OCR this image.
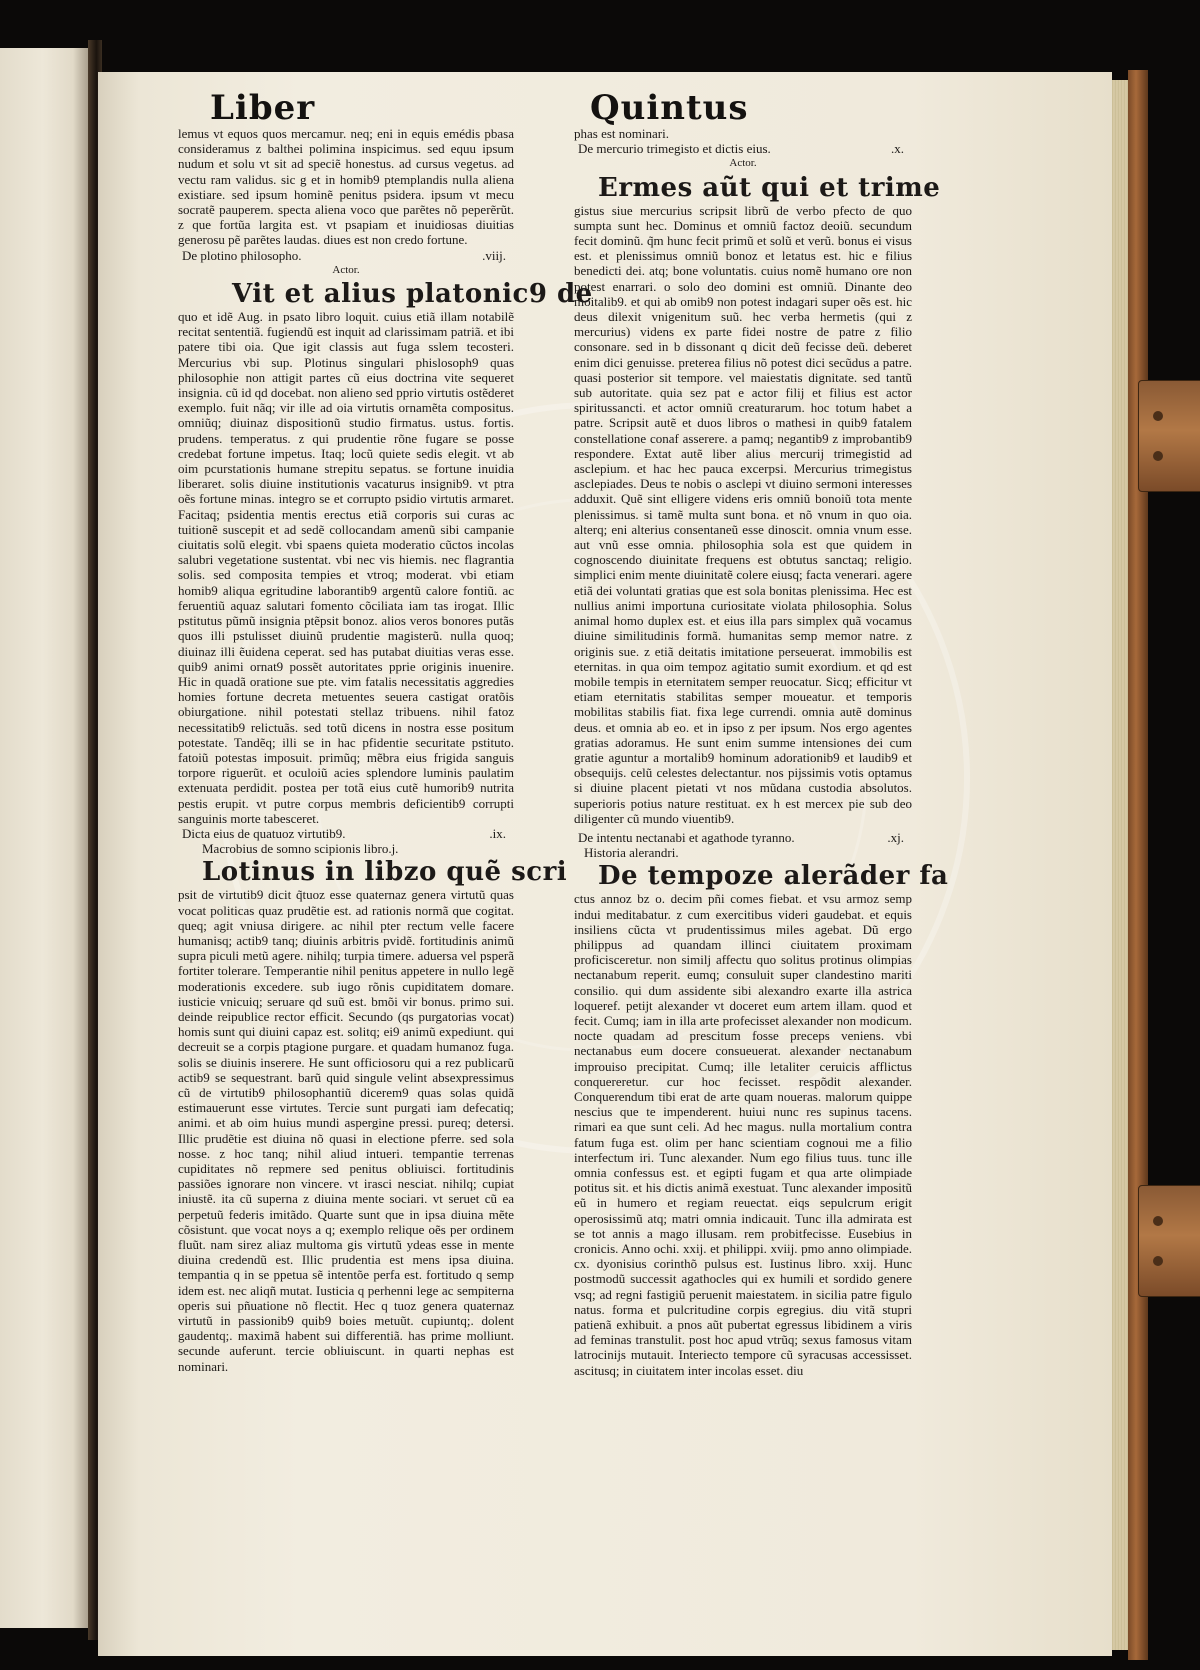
Liber	Quintus

lemus vt equos quos mercamur. neq; eni in equis emédis pbasa consideramus z balthei polimina inspicimus. sed equu ipsum nudum et solu vt sit ad speciẽ honestus. ad cursus vegetus. ad vectu ram validus. sic g et in homib9 ptemplandis nulla aliena existiare. sed ipsum hominẽ penitus psidera. ipsum vt mecu socratẽ pauperem. specta aliena voco que parẽtes nõ peperẽrũt. z que fortũa largita est. vt psapiam et inuidiosas diuitias generosu pẽ parẽtes laudas. diues est non credo fortune.

De plotino philosopho.	.viij.

Actor.

Vit et alius platonic9 de

quo et idẽ Aug. in psato libro loquit. cuius etiã illam notabilẽ recitat sententiã. fugiendũ est inquit ad clarissimam patriã. et ibi patere tibi oia. Que igit classis aut fuga sslem tecosteri. Mercurius vbi sup. Plotinus singulari phislosoph9 quas philosophie non attigit partes cũ eius doctrina vite sequeret insignia. cũ id qd docebat. non alieno sed pprio virtutis ostẽderet exemplo. fuit nãq; vir ille ad oia virtutis ornamẽta compositus. omniũq; diuinaz dispositionũ studio firmatus. ustus. fortis. prudens. temperatus. z qui prudentie rõne fugare se posse credebat fortune impetus. Itaq; locũ quiete sedis elegit. vt ab oim pcurstationis humane strepitu sepatus. se fortune inuidia liberaret. solis diuine institutionis vacaturus insignib9. vt ptra oẽs fortune minas. integro se et corrupto psidio virtutis armaret. Facitaq; psidentia mentis erectus etiã corporis sui curas ac tuitionẽ suscepit et ad sedẽ collocandam amenũ sibi campanie ciuitatis solũ elegit. vbi spaens quieta moderatio cũctos incolas salubri vegetatione sustentat. vbi nec vis hiemis. nec flagrantia solis. sed composita tempies et vtroq; moderat. vbi etiam homib9 aliqua egritudine laborantib9 argentũ calore fontiũ. ac feruentiũ aquaz salutari fomento cõciliata iam tas irogat. Illic pstitutus pũmũ insignia ptẽpsit bonoz. alios veros bonores putãs quos illi pstulisset diuinũ prudentie magisterũ. nulla quoq; diuinaz illi ẽuidena ceperat. sed has putabat diuitias veras esse. quib9 animi ornat9 possẽt autoritates pprie originis inuenire. Hic in quadã oratione sue pte. vim fatalis necessitatis aggredies homies fortune decreta metuentes seuera castigat oratõis obiurgatione. nihil potestati stellaz tribuens. nihil fatoz necessitatib9 relictuãs. sed totũ dicens in nostra esse positum potestate. Tandẽq; illi se in hac pfidentie securitate pstituto. fatoiũ potestas imposuit. primũq; mẽbra eius frigida sanguis torpore riguerũt. et oculoiũ acies splendore luminis paulatim extenuata perdidit. postea per totã eius cutẽ humorib9 nutrita pestis erupit. vt putre corpus membris deficientib9 corrupti sanguinis morte tabesceret.

Dicta eius de quatuoz virtutib9.	.ix.

Macrobius de somno scipionis libro.j.

Lotinus in libzo quẽ scri

psit de virtutib9 dicit q̃tuoz esse quaternaz genera virtutũ quas vocat politicas quaz prudẽtie est. ad rationis normã que cogitat. queq; agit vniusa dirigere. ac nihil pter rectum velle facere humanisq; actib9 tanq; diuinis arbitris pvidẽ. fortitudinis animũ supra piculi metũ agere. nihilq; turpia timere. aduersa vel psperã fortiter tolerare. Temperantie nihil penitus appetere in nullo legẽ moderationis excedere. sub iugo rõnis cupiditatem domare. iusticie vnicuiq; seruare qd suũ est. bmõi vir bonus. primo sui. deinde reipublice rector efficit. Secundo (qs purgatorias vocat) homis sunt qui diuini capaz est. solitq; ei9 animũ expediunt. qui decreuit se a corpis ptagione purgare. et quadam humanoz fuga. solis se diuinis inserere. He sunt officiosoru qui a rez publicarũ actib9 se sequestrant. barũ quid singule velint absexpressimus cũ de virtutib9 philosophantiũ dicerem9 quas solas quidã estimauerunt esse virtutes. Tercie sunt purgati iam defecatiq; animi. et ab oim huius mundi aspergine pressi. pureq; detersi. Illic prudẽtie est diuina nõ quasi in electione pferre. sed sola nosse. z hoc tanq; nihil aliud intueri. tempantie terrenas cupiditates nõ repmere sed penitus obliuisci. fortitudinis passiões ignorare non vincere. vt irasci nesciat. nihilq; cupiat iniustẽ. ita cũ superna z diuina mente sociari. vt seruet cũ ea perpetuũ federis imitãdo. Quarte sunt que in ipsa diuina mẽte cõsistunt. que vocat noys a q; exemplo relique oẽs per ordinem fluũt. nam sirez aliaz multoma gis virtutũ ydeas esse in mente diuina credendũ est. Illic prudentia est mens ipsa diuina. tempantia q in se ppetua sẽ intentõe perfa est. fortitudo q semp idem est. nec aliqñ mutat. Iusticia q perhenni lege ac sempiterna operis sui pñuatione nõ flectit. Hec q tuoz genera quaternaz virtutũ in passionib9 quib9 boies metuũt. cupiuntq;. dolent gaudentq;. maximã habent sui differentiã. has prime molliunt. secunde auferunt. tercie obliuiscunt. in quarti nephas est nominari.

phas est nominari.

De mercurio trimegisto et dictis eius.	.x.

Actor.

Ermes aũt qui et trime

gistus siue mercurius scripsit librũ de verbo pfecto de quo sumpta sunt hec. Dominus et omniũ factoz deoiũ. secundum fecit dominũ. q̃m hunc fecit primũ et solũ et verũ. bonus ei visus est. et plenissimus omniũ bonoz et letatus est. hic e filius benedicti dei. atq; bone voluntatis. cuius nomẽ humano ore non potest enarrari. o solo deo domini est omniũ. Dinante deo moitalib9. et qui ab omib9 non potest indagari super oẽs est. hic deus dilexit vnigenitum suũ. hec verba hermetis (qui z mercurius) videns ex parte fidei nostre de patre z filio consonare. sed in b dissonant q dicit deũ fecisse deũ. deberet enim dici genuisse. preterea filius nõ potest dici secũdus a patre. quasi posterior sit tempore. vel maiestatis dignitate. sed tantũ sub autoritate. quia sez pat e actor filij et filius est actor spiritussancti. et actor omniũ creaturarum. hoc totum habet a patre. Scripsit autẽ et duos libros o mathesi in quib9 fatalem constellatione conaf asserere. a pamq; negantib9 z improbantib9 respondere. Extat autẽ liber alius mercurij trimegistid ad asclepium. et hac hec pauca excerpsi. Mercurius trimegistus asclepiades. Deus te nobis o asclepi vt diuino sermoni interesses adduxit. Quẽ sint elligere videns eris omniũ bonoiũ tota mente plenissimus. si tamẽ multa sunt bona. et nõ vnum in quo oia. alterq; eni alterius consentaneũ esse dinoscit. omnia vnum esse. aut vnũ esse omnia. philosophia sola est que quidem in cognoscendo diuinitate frequens est obtutus sanctaq; religio. simplici enim mente diuinitatẽ colere eiusq; facta venerari. agere etiã dei voluntati gratias que est sola bonitas plenissima. Hec est nullius animi importuna curiositate violata philosophia. Solus animal homo duplex est. et eius illa pars simplex quã vocamus diuine similitudinis formã. humanitas semp memor natre. z originis sue. z etiã deitatis imitatione perseuerat. immobilis est eternitas. in qua oim tempoz agitatio sumit exordium. et qd est mobile tempis in eternitatem semper reuocatur. Sicq; efficitur vt etiam eternitatis stabilitas semper moueatur. et temporis mobilitas stabilis fiat. fixa lege currendi. omnia autẽ dominus deus. et omnia ab eo. et in ipso z per ipsum. Nos ergo agentes gratias adoramus. He sunt enim summe intensiones dei cum gratie aguntur a mortalib9 hominum adorationib9 et laudib9 et obsequijs. celũ celestes delectantur. nos pijssimis votis optamus si diuine placent pietati vt nos mũdana custodia absolutos. superioris potius nature restituat. ex h est mercex pie sub deo diligenter cũ mundo viuentib9.

De intentu nectanabi et agathode tyranno.	.xj.

Historia alerandri.

De tempoze alerãder fa

ctus annoz bz o. decim pñi comes fiebat. et vsu armoz semp indui meditabatur. z cum exercitibus videri gaudebat. et equis insiliens cũcta vt prudentissimus miles agebat. Dũ ergo philippus ad quandam illinci ciuitatem proximam proficisceretur. non similj affectu quo solitus protinus olimpias nectanabum reperit. eumq; consuluit super clandestino mariti consilio. qui dum assidente sibi alexandro exarte illa astrica loqueref. petijt alexander vt doceret eum artem illam. quod et fecit. Cumq; iam in illa arte profecisset alexander non modicum. nocte quadam ad prescitum fosse preceps veniens. vbi nectanabus eum docere consueuerat. alexander nectanabum improuiso precipitat. Cumq; ille letaliter ceruicis afflictus conquereretur. cur hoc fecisset. respõdit alexander. Conquerendum tibi erat de arte quam noueras. malorum quippe nescius que te impenderent. huiui nunc res supinus tacens. rimari ea que sunt celi. Ad hec magus. nulla mortalium contra fatum fuga est. olim per hanc scientiam cognoui me a filio interfectum iri. Tunc alexander. Num ego filius tuus. tunc ille omnia confessus est. et egipti fugam et qua arte olimpiade potitus sit. et his dictis animã exestuat. Tunc alexander impositũ eũ in humero et regiam reuectat. eiqs sepulcrum erigit operosissimũ atq; matri omnia indicauit. Tunc illa admirata est se tot annis a mago illusam. rem probitfecisse. Eusebius in cronicis. Anno ochi. xxij. et philippi. xviij. pmo anno olimpiade. cx. dyonisius corinthõ pulsus est. Iustinus libro. xxij. Hunc postmodũ successit agathocles qui ex humili et sordido genere vsq; ad regni fastigiũ peruenit maiestatem. in sicilia patre figulo natus. forma et pulcritudine corpis egregius. diu vitã stupri patienã exhibuit. a pnos aũt pubertat egressus libidinem a viris ad feminas transtulit. post hoc apud vtrũq; sexus famosus vitam latrocinijs mutauit. Interiecto tempore cũ syracusas accessisset. ascitusq; in ciuitatem inter incolas esset. diu
